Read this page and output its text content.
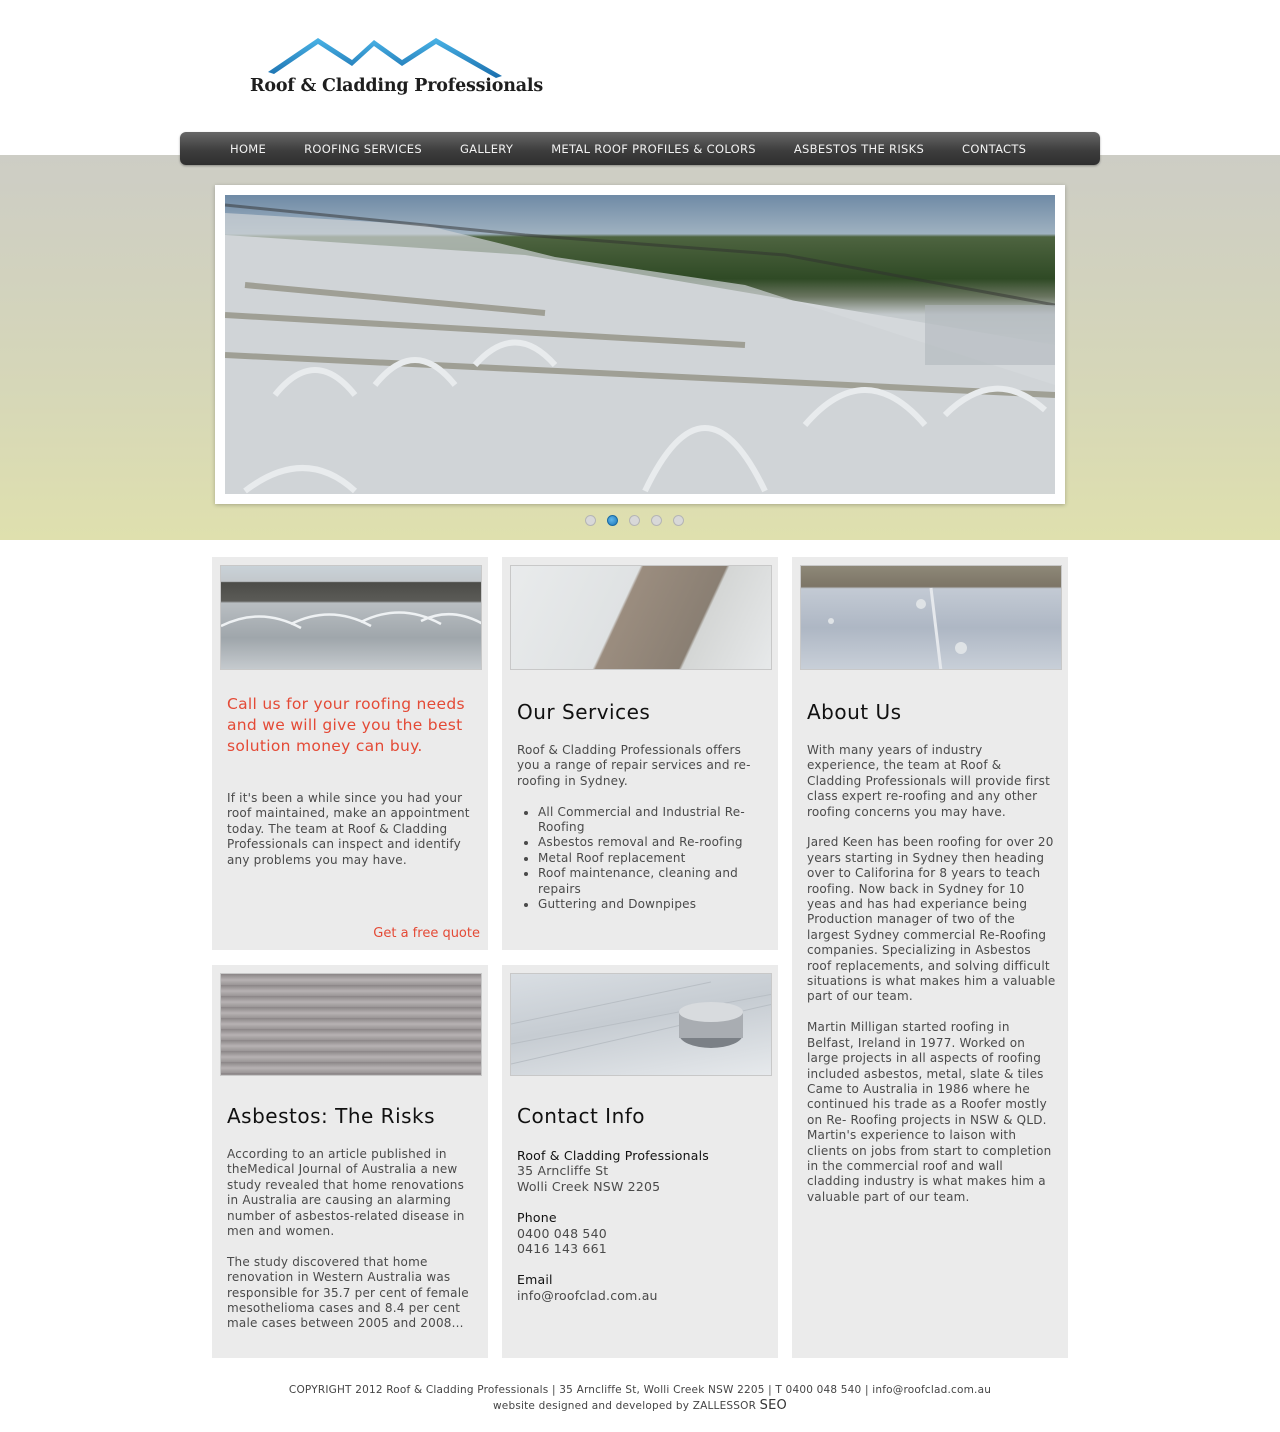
Roof & Cladding Professionals
HOME	ROOFING SERVICES	GALLERY	METAL ROOF PROFILES & COLORS	ASBESTOS THE RISKS	CONTACTS
Call us for your roofing needs and we will give you the best solution money can buy.
If it's been a while since you had your roof maintained, make an appointment today. The team at Roof & Cladding Professionals can inspect and identify any problems you may have.
Get a free quote
Our Services

Roof & Cladding Professionals offers you a range of repair services and re-roofing in Sydney.

• All Commercial and Industrial Re-Roofing
• Asbestos removal and Re-roofing
• Metal Roof replacement
• Roof maintenance, cleaning and repairs
• Guttering and Downpipes
About Us

With many years of industry experience, the team at Roof & Cladding Professionals will provide first class expert re-roofing and any other roofing concerns you may have.

Jared Keen has been roofing for over 20 years starting in Sydney then heading over to Califorina for 8 years to teach roofing. Now back in Sydney for 10 yeas and has had experiance being Production manager of two of the largest Sydney commercial Re-Roofing companies. Specializing in Asbestos roof replacements, and solving difficult situations is what makes him a valuable part of our team.

Martin Milligan started roofing in Belfast, Ireland in 1977. Worked on large projects in all aspects of roofing included asbestos, metal, slate & tiles Came to Australia in 1986 where he continued his trade as a Roofer mostly on Re- Roofing projects in NSW & QLD. Martin's experience to laison with clients on jobs from start to completion in the commercial roof and wall cladding industry is what makes him a valuable part of our team.

Asbestos: The Risks

According to an article published in theMedical Journal of Australia a new study revealed that home renovations in Australia are causing an alarming number of asbestos-related disease in men and women.

The study discovered that home renovation in Western Australia was responsible for 35.7 per cent of female mesothelioma cases and 8.4 per cent male cases between 2005 and 2008...

Contact Info
Roof & Cladding Professionals
35 Arncliffe St
Wolli Creek NSW 2205
Phone
0400 048 540
0416 143 661
Email
info@roofclad.com.au
COPYRIGHT 2012 Roof & Cladding Professionals | 35 Arncliffe St, Wolli Creek NSW 2205 | T 0400 048 540 | info@roofclad.com.au
website designed and developed by ZALLESSOR SEO
